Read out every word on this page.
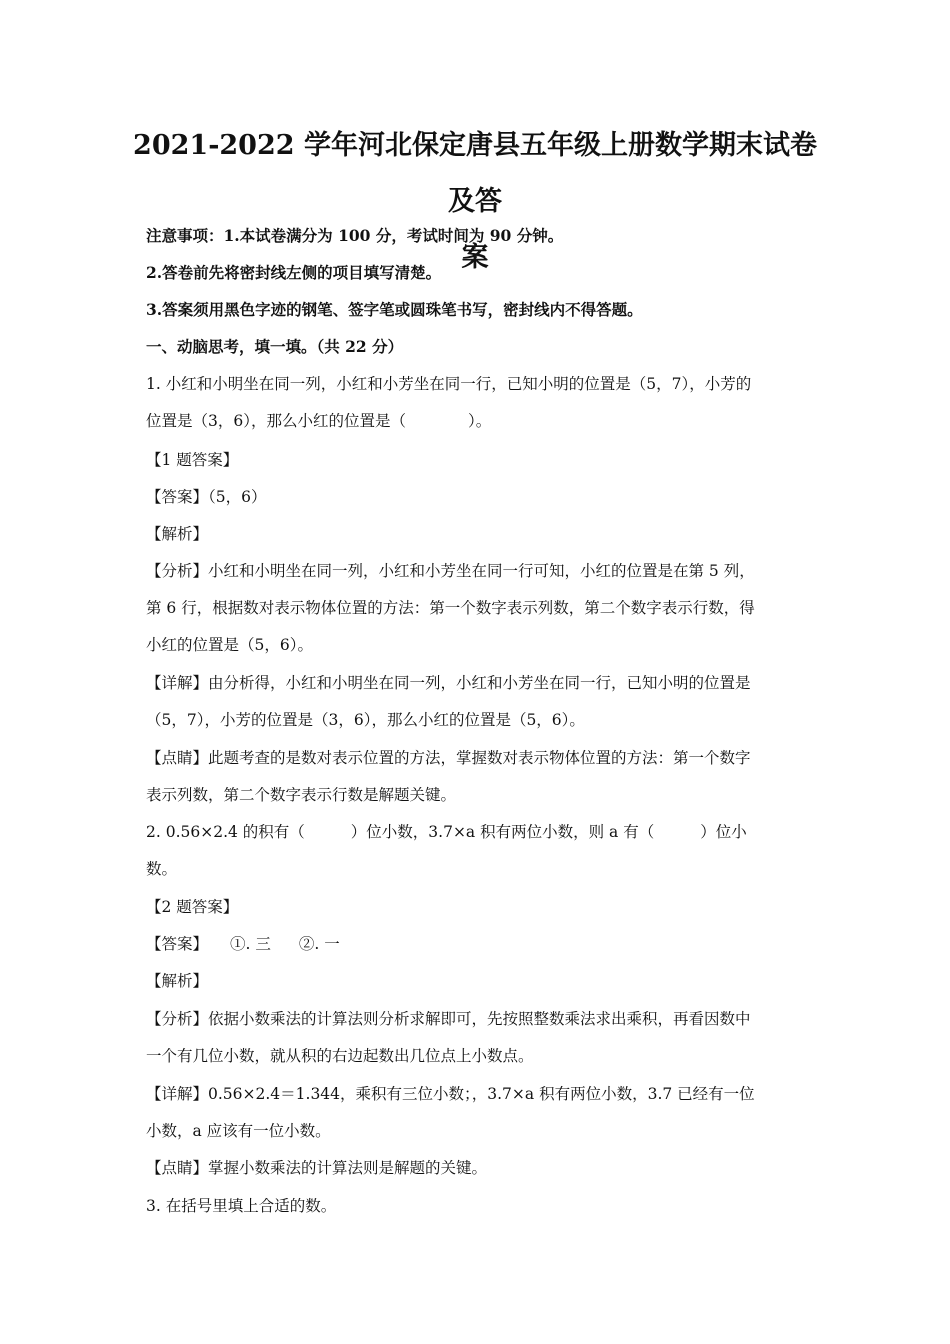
2021-2022 学年河北保定唐县五年级上册数学期末试卷及答
案
注意事项：1.本试卷满分为 100 分，考试时间为 90 分钟。
2.答卷前先将密封线左侧的项目填写清楚。
3.答案须用黑色字迹的钢笔、签字笔或圆珠笔书写，密封线内不得答题。
一、动脑思考，填一填。（共 22 分）
1. 小红和小明坐在同一列，小红和小芳坐在同一行，已知小明的位置是（5，7），小芳的
位置是（3，6），那么小红的位置是（	）。
【1 题答案】
【答案】（5，6）
【解析】
【分析】小红和小明坐在同一列，小红和小芳坐在同一行可知，小红的位置是在第 5 列，
第 6 行，根据数对表示物体位置的方法：第一个数字表示列数，第二个数字表示行数，得
小红的位置是（5，6）。
【详解】由分析得，小红和小明坐在同一列，小红和小芳坐在同一行，已知小明的位置是
（5，7），小芳的位置是（3，6），那么小红的位置是（5，6）。
【点睛】此题考查的是数对表示位置的方法，掌握数对表示物体位置的方法：第一个数字
表示列数，第二个数字表示行数是解题关键。
2. 0.56×2.4 的积有（	）位小数，3.7×a 积有两位小数，则 a 有（	）位小
数。
【2 题答案】
【答案】 ①. 三 ②. 一
【解析】
【分析】依据小数乘法的计算法则分析求解即可，先按照整数乘法求出乘积，再看因数中
一个有几位小数，就从积的右边起数出几位点上小数点。
【详解】0.56×2.4＝1.344，乘积有三位小数；，3.7×a 积有两位小数，3.7 已经有一位
小数，a 应该有一位小数。
【点睛】掌握小数乘法的计算法则是解题的关键。
3. 在括号里填上合适的数。
